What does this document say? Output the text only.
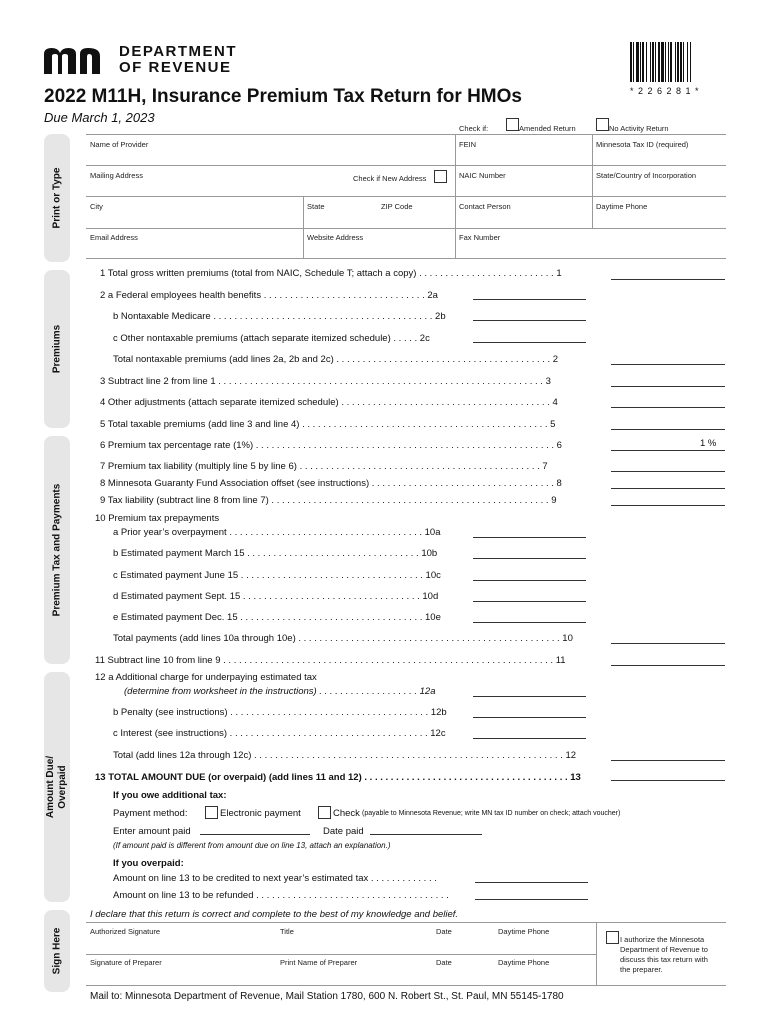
DEPARTMENT
OF REVENUE
* 2 2 6 2 8 1 *
2022 M11H, Insurance Premium Tax Return for HMOs
Due March 1, 2023
Check if:	Amended Return	No Activity Return
Print or Type
Premiums
Premium Tax and Payments
Amount Due/ Overpaid
Sign Here
Name of Provider	FEIN	Minnesota Tax ID (required)
Mailing Address	Check if New Address	NAIC Number	State/Country of Incorporation
City	State	ZIP Code	Contact Person	Daytime Phone
Email Address	Website Address	Fax Number
1 Total gross written premiums (total from NAIC, Schedule T; attach a copy) . . . . . . . . . . . . . . . . . . . . . . . . . . 1
2 a Federal employees health benefits . . . . . . . . . . . . . . . . . . . . . . . . . . . . . . . 2a
b Nontaxable Medicare . . . . . . . . . . . . . . . . . . . . . . . . . . . . . . . . . . . . . . . . . . 2b
c Other nontaxable premiums (attach separate itemized schedule) . . . . . 2c
Total nontaxable premiums (add lines 2a, 2b and 2c) . . . . . . . . . . . . . . . . . . . . . . . . . . . . . . . . . . . . . . . . . 2
3 Subtract line 2 from line 1 . . . . . . . . . . . . . . . . . . . . . . . . . . . . . . . . . . . . . . . . . . . . . . . . . . . . . . . . . . . . . . 3
4 Other adjustments (attach separate itemized schedule) . . . . . . . . . . . . . . . . . . . . . . . . . . . . . . . . . . . . . . . . 4
5 Total taxable premiums (add line 3 and line 4) . . . . . . . . . . . . . . . . . . . . . . . . . . . . . . . . . . . . . . . . . . . . . . . 5
6 Premium tax percentage rate (1%) . . . . . . . . . . . . . . . . . . . . . . . . . . . . . . . . . . . . . . . . . . . . . . . . . . . . . . . . . 6	1 %
7 Premium tax liability (multiply line 5 by line 6) . . . . . . . . . . . . . . . . . . . . . . . . . . . . . . . . . . . . . . . . . . . . . . 7
8 Minnesota Guaranty Fund Association offset (see instructions) . . . . . . . . . . . . . . . . . . . . . . . . . . . . . . . . . . . 8
9 Tax liability (subtract line 8 from line 7) . . . . . . . . . . . . . . . . . . . . . . . . . . . . . . . . . . . . . . . . . . . . . . . . . . . . . 9
10 Premium tax prepayments
a Prior year’s overpayment . . . . . . . . . . . . . . . . . . . . . . . . . . . . . . . . . . . . . 10a
b Estimated payment March 15 . . . . . . . . . . . . . . . . . . . . . . . . . . . . . . . . . 10b
c Estimated payment June 15 . . . . . . . . . . . . . . . . . . . . . . . . . . . . . . . . . . . 10c
d Estimated payment Sept. 15 . . . . . . . . . . . . . . . . . . . . . . . . . . . . . . . . . . 10d
e Estimated payment Dec. 15 . . . . . . . . . . . . . . . . . . . . . . . . . . . . . . . . . . . 10e
Total payments (add lines 10a through 10e) . . . . . . . . . . . . . . . . . . . . . . . . . . . . . . . . . . . . . . . . . . . . . . . . . . 10
11 Subtract line 10 from line 9 . . . . . . . . . . . . . . . . . . . . . . . . . . . . . . . . . . . . . . . . . . . . . . . . . . . . . . . . . . . . . . . 11
12 a Additional charge for underpaying estimated tax
(determine from worksheet in the instructions) . . . . . . . . . . . . . . . . . . . 12a
b Penalty (see instructions) . . . . . . . . . . . . . . . . . . . . . . . . . . . . . . . . . . . . . . 12b
c Interest (see instructions) . . . . . . . . . . . . . . . . . . . . . . . . . . . . . . . . . . . . . . 12c
Total (add lines 12a through 12c) . . . . . . . . . . . . . . . . . . . . . . . . . . . . . . . . . . . . . . . . . . . . . . . . . . . . . . . . . . . 12
13 TOTAL AMOUNT DUE (or overpaid) (add lines 11 and 12) . . . . . . . . . . . . . . . . . . . . . . . . . . . . . . . . . . . . . . . 13
If you owe additional tax:
Payment method:	Electronic payment	Check (payable to Minnesota Revenue; write MN tax ID number on check; attach voucher)
Enter amount paid	Date paid
(If amount paid is different from amount due on line 13, attach an explanation.)
If you overpaid:
Amount on line 13 to be credited to next year’s estimated tax . . . . . . . . . . . . .
Amount on line 13 to be refunded . . . . . . . . . . . . . . . . . . . . . . . . . . . . . . . . . . . . .
I declare that this return is correct and complete to the best of my knowledge and belief.
Authorized Signature	Title	Date	Daytime Phone
Signature of Preparer	Print Name of Preparer	Date	Daytime Phone
I authorize the Minnesota
Department of Revenue to
discuss this tax return with
the preparer.
Mail to: Minnesota Department of Revenue, Mail Station 1780, 600 N. Robert St., St. Paul, MN 55145-1780
